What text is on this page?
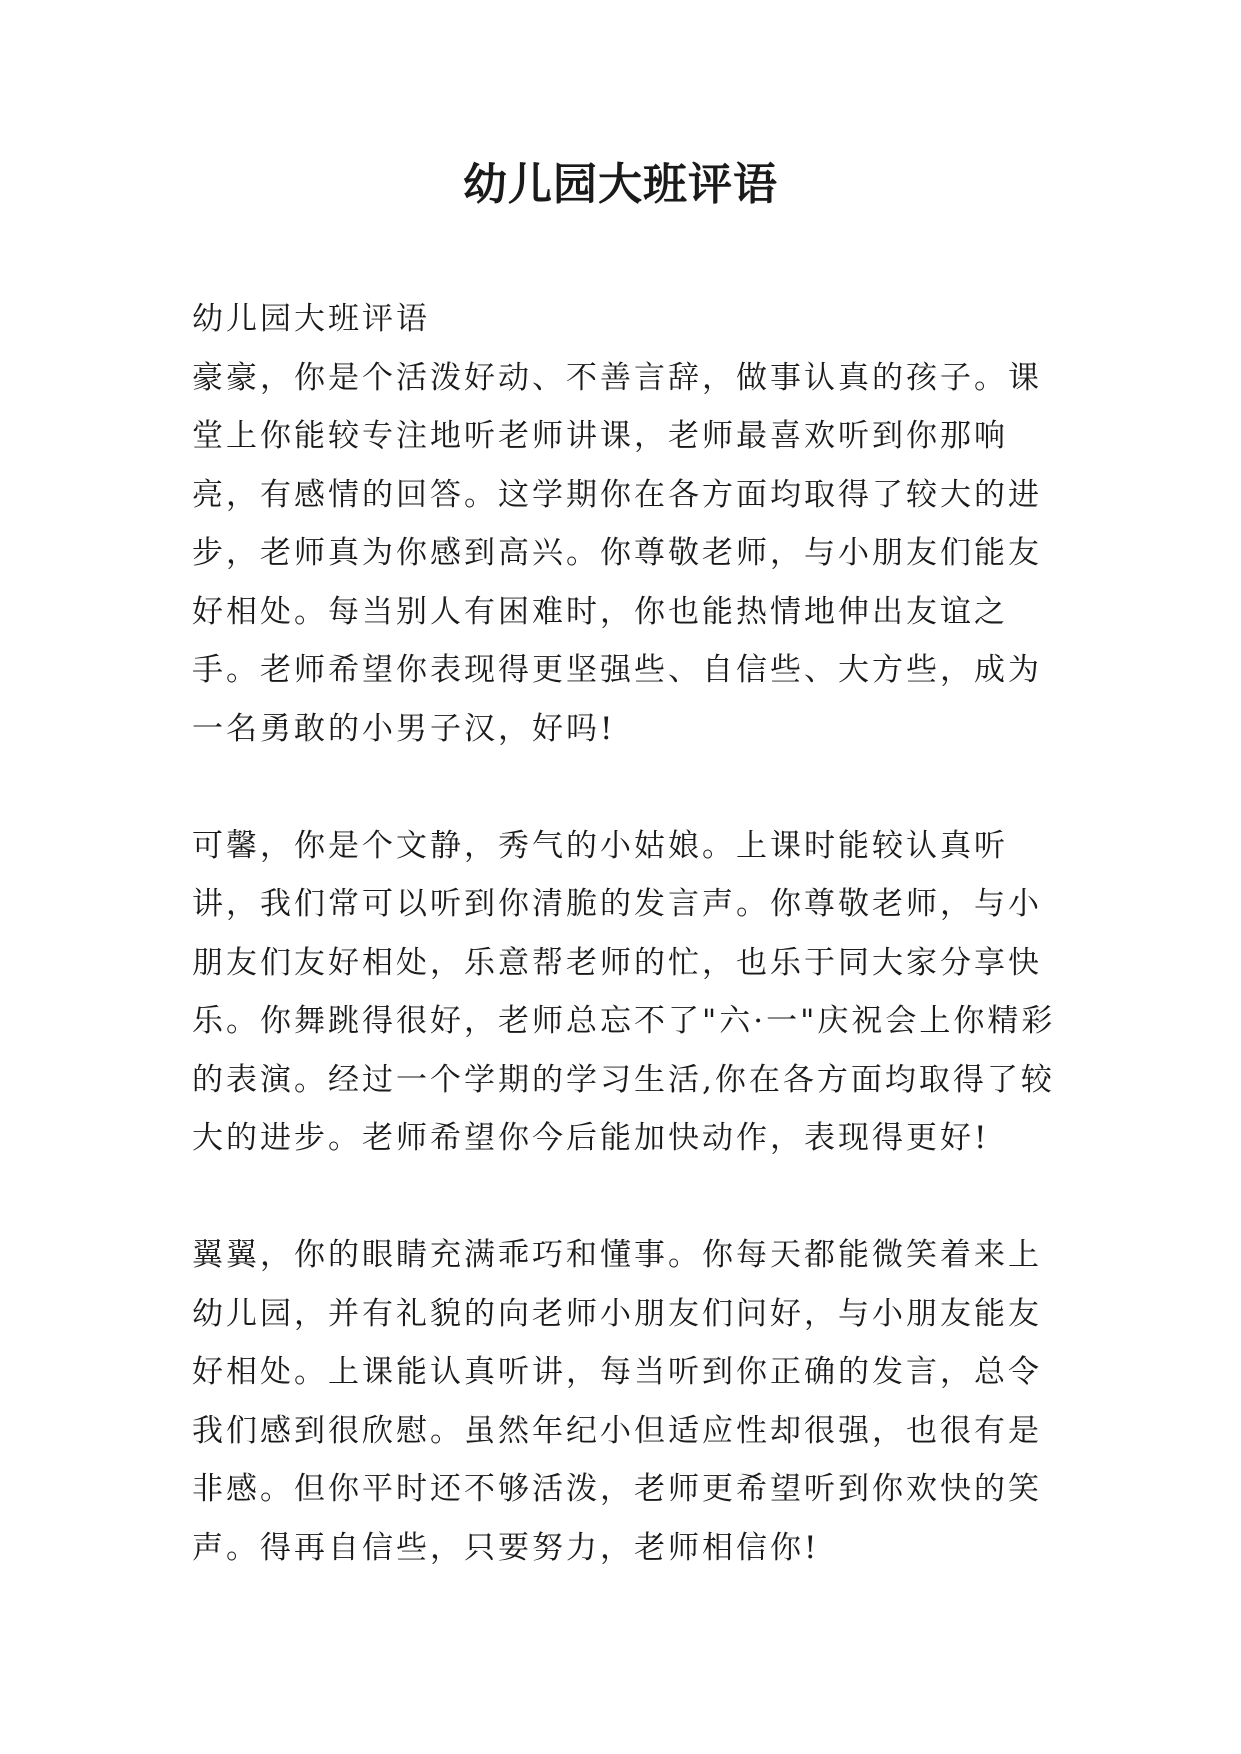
幼儿园大班评语

幼儿园大班评语

豪豪，你是个活泼好动、不善言辞，做事认真的孩子。课堂上你能较专注地听老师讲课，老师最喜欢听到你那响亮，有感情的回答。这学期你在各方面均取得了较大的进步，老师真为你感到高兴。你尊敬老师，与小朋友们能友好相处。每当别人有困难时，你也能热情地伸出友谊之手。老师希望你表现得更坚强些、自信些、大方些，成为一名勇敢的小男子汉，好吗!

可馨，你是个文静，秀气的小姑娘。上课时能较认真听讲，我们常可以听到你清脆的发言声。你尊敬老师，与小朋友们友好相处，乐意帮老师的忙，也乐于同大家分享快乐。你舞跳得很好，老师总忘不了"六·一"庆祝会上你精彩的表演。经过一个学期的学习生活,你在各方面均取得了较大的进步。老师希望你今后能加快动作，表现得更好!

翼翼，你的眼睛充满乖巧和懂事。你每天都能微笑着来上幼儿园，并有礼貌的向老师小朋友们问好，与小朋友能友好相处。上课能认真听讲，每当听到你正确的发言，总令我们感到很欣慰。虽然年纪小但适应性却很强，也很有是非感。但你平时还不够活泼，老师更希望听到你欢快的笑声。得再自信些，只要努力，老师相信你!
